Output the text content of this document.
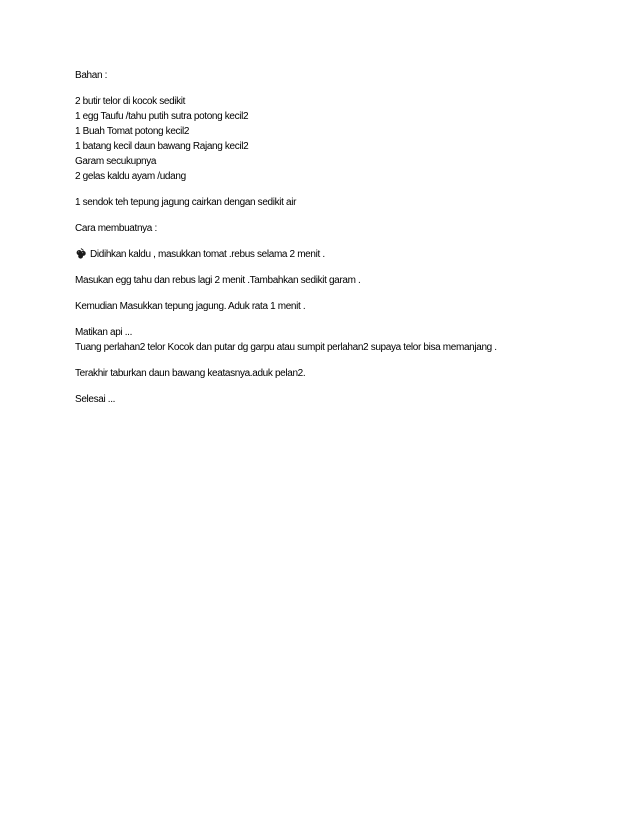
Bahan :
2 butir telor di kocok sedikit
1 egg Taufu /tahu putih sutra potong kecil2
1 Buah Tomat potong kecil2
1 batang kecil daun bawang Rajang kecil2
Garam secukupnya
2 gelas kaldu ayam /udang
1 sendok teh tepung jagung cairkan dengan sedikit air
Cara membuatnya :
Didihkan kaldu , masukkan tomat .rebus selama 2 menit .
Masukan egg tahu dan rebus lagi 2 menit .Tambahkan sedikit garam .
Kemudian Masukkan tepung jagung. Aduk rata 1 menit .
Matikan api ...
Tuang perlahan2 telor Kocok dan putar dg garpu atau sumpit perlahan2 supaya telor bisa memanjang .
Terakhir taburkan daun bawang keatasnya.aduk pelan2.
Selesai ...
